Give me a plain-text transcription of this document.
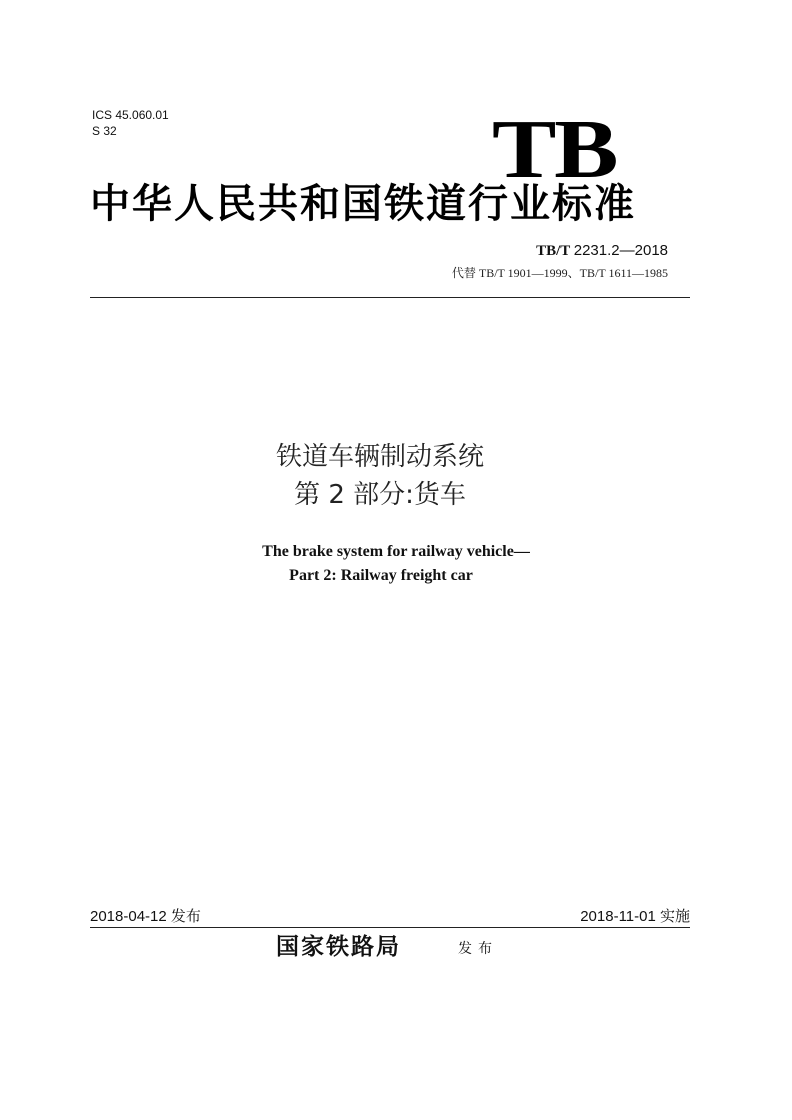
ICS 45.060.01
S 32	TB
中华人民共和国铁道行业标准
TB/T 2231.2—2018
代替 TB/T 1901—1999、TB/T 1611—1985
铁道车辆制动系统
第 2 部分:货车
The brake system for railway vehicle—
Part 2: Railway freight car
2018-04-12 发布	2018-11-01 实施
国家铁路局	发布
